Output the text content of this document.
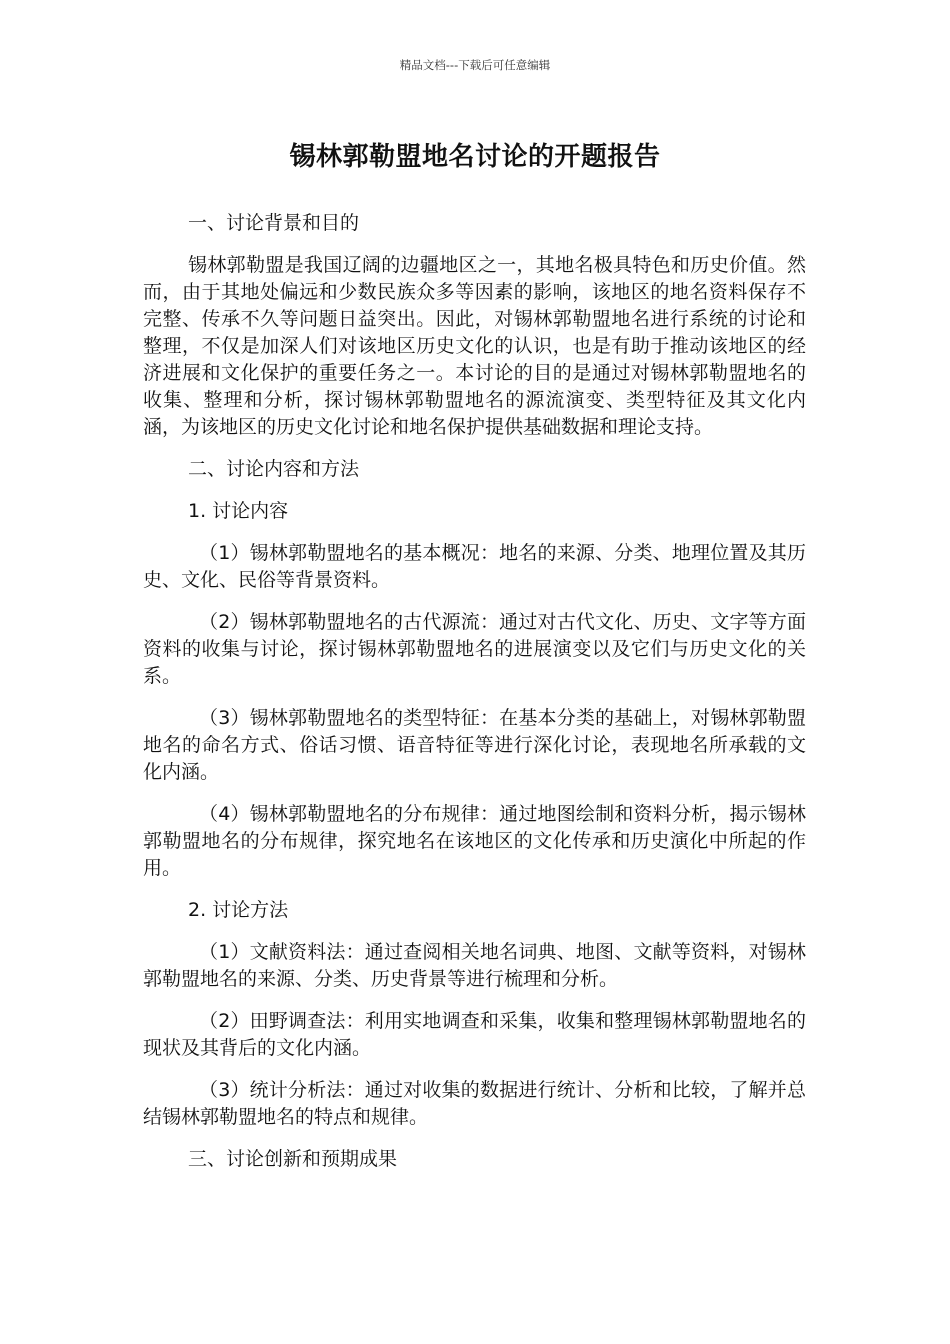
精品文档---下载后可任意编辑
锡林郭勒盟地名讨论的开题报告

一、讨论背景和目的

锡林郭勒盟是我国辽阔的边疆地区之一，其地名极具特色和历史价值。然而，由于其地处偏远和少数民族众多等因素的影响，该地区的地名资料保存不完整、传承不久等问题日益突出。因此，对锡林郭勒盟地名进行系统的讨论和整理，不仅是加深人们对该地区历史文化的认识，也是有助于推动该地区的经济进展和文化保护的重要任务之一。本讨论的目的是通过对锡林郭勒盟地名的收集、整理和分析，探讨锡林郭勒盟地名的源流演变、类型特征及其文化内涵，为该地区的历史文化讨论和地名保护提供基础数据和理论支持。

二、讨论内容和方法

1. 讨论内容

（1）锡林郭勒盟地名的基本概况：地名的来源、分类、地理位置及其历史、文化、民俗等背景资料。

（2）锡林郭勒盟地名的古代源流：通过对古代文化、历史、文字等方面资料的收集与讨论，探讨锡林郭勒盟地名的进展演变以及它们与历史文化的关系。

（3）锡林郭勒盟地名的类型特征：在基本分类的基础上，对锡林郭勒盟地名的命名方式、俗话习惯、语音特征等进行深化讨论，表现地名所承载的文化内涵。

（4）锡林郭勒盟地名的分布规律：通过地图绘制和资料分析，揭示锡林郭勒盟地名的分布规律，探究地名在该地区的文化传承和历史演化中所起的作用。

2. 讨论方法

（1）文献资料法：通过查阅相关地名词典、地图、文献等资料，对锡林郭勒盟地名的来源、分类、历史背景等进行梳理和分析。

（2）田野调查法：利用实地调查和采集，收集和整理锡林郭勒盟地名的现状及其背后的文化内涵。

（3）统计分析法：通过对收集的数据进行统计、分析和比较，了解并总结锡林郭勒盟地名的特点和规律。

三、讨论创新和预期成果
